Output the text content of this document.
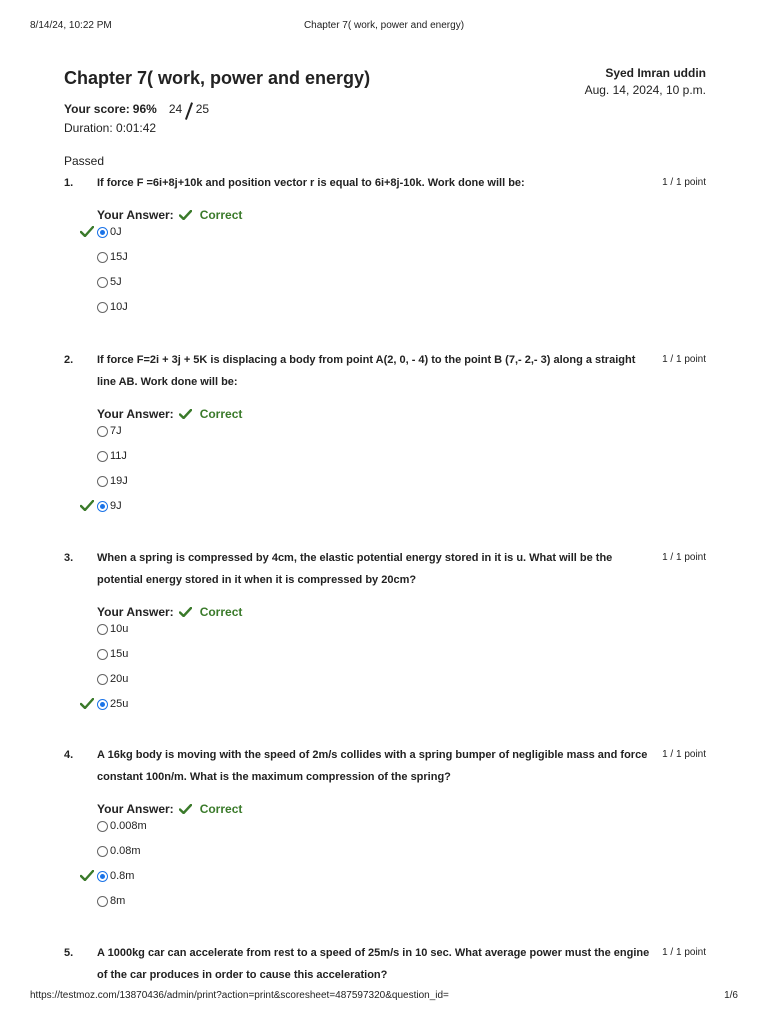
8/14/24, 10:22 PM	Chapter 7( work, power and energy)
Chapter 7( work, power and energy)	Syed Imran uddin
Aug. 14, 2024, 10 p.m.
Your score: 96% 24 25
Duration: 0:01:42
Passed
1. If force F =6i+8j+10k and position vector r is equal to 6i+8j-10k. Work done will be:	1 / 1 point
Your Answer: Correct
0J
15J
5J
10J
2. If force F=2i + 3j + 5K is displacing a body from point A(2, 0, - 4) to the point B (7,- 2,- 3) along a straight line AB. Work done will be:
1 / 1 point
Your Answer: Correct
7J
11J
19J
9J
3. When a spring is compressed by 4cm, the elastic potential energy stored in it is u. What will be the potential energy stored in it when it is compressed by 20cm?
1 / 1 point
Your Answer: Correct
10u
15u
20u
25u
4. A 16kg body is moving with the speed of 2m/s collides with a spring bumper of negligible mass and force constant 100n/m. What is the maximum compression of the spring?
1 / 1 point
Your Answer: Correct
0.008m
0.08m
0.8m
8m
5. A 1000kg car can accelerate from rest to a speed of 25m/s in 10 sec. What average power must the engine of the car produces in order to cause this acceleration?
1 / 1 point
https://testmoz.com/13870436/admin/print?action=print&scoresheet=487597320&question_id=	1/6
